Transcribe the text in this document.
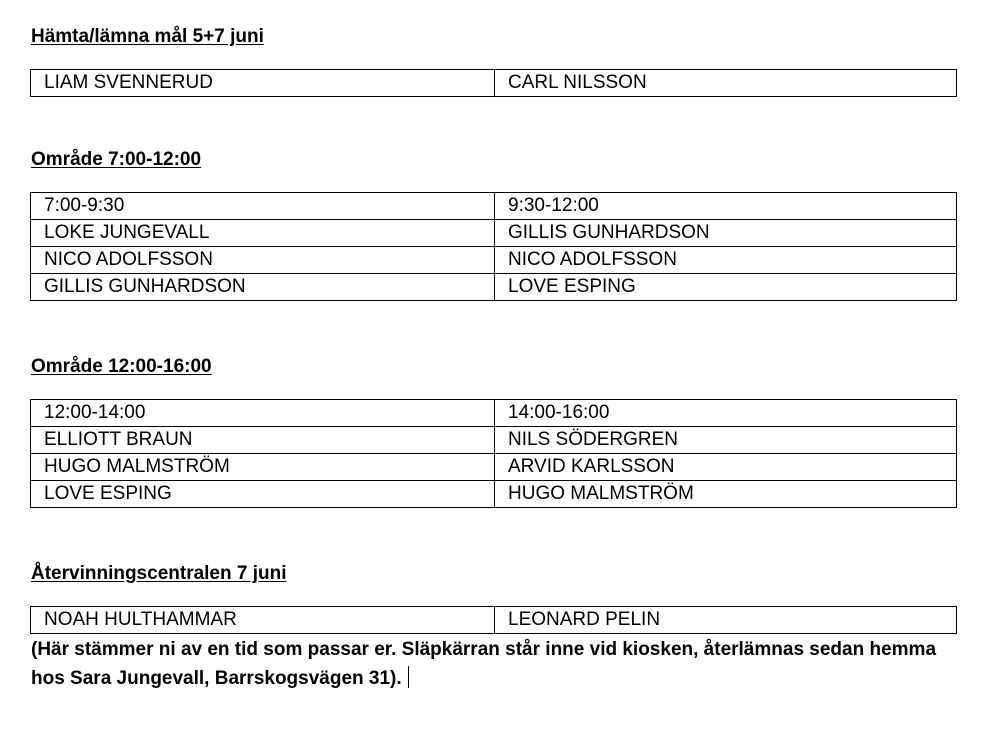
Hämta/lämna mål 5+7 juni
LIAM SVENNERUD	CARL NILSSON
Område 7:00-12:00
7:00-9:30	9:30-12:00
LOKE JUNGEVALL	GILLIS GUNHARDSON
NICO ADOLFSSON	NICO ADOLFSSON
GILLIS GUNHARDSON	LOVE ESPING
Område 12:00-16:00
12:00-14:00	14:00-16:00
ELLIOTT BRAUN	NILS SÖDERGREN
HUGO MALMSTRÖM	ARVID KARLSSON
LOVE ESPING	HUGO MALMSTRÖM
Återvinningscentralen 7 juni
NOAH HULTHAMMAR	LEONARD PELIN
(Här stämmer ni av en tid som passar er. Släpkärran står inne vid kiosken, återlämnas sedan hemma hos Sara Jungevall, Barrskogsvägen 31).
